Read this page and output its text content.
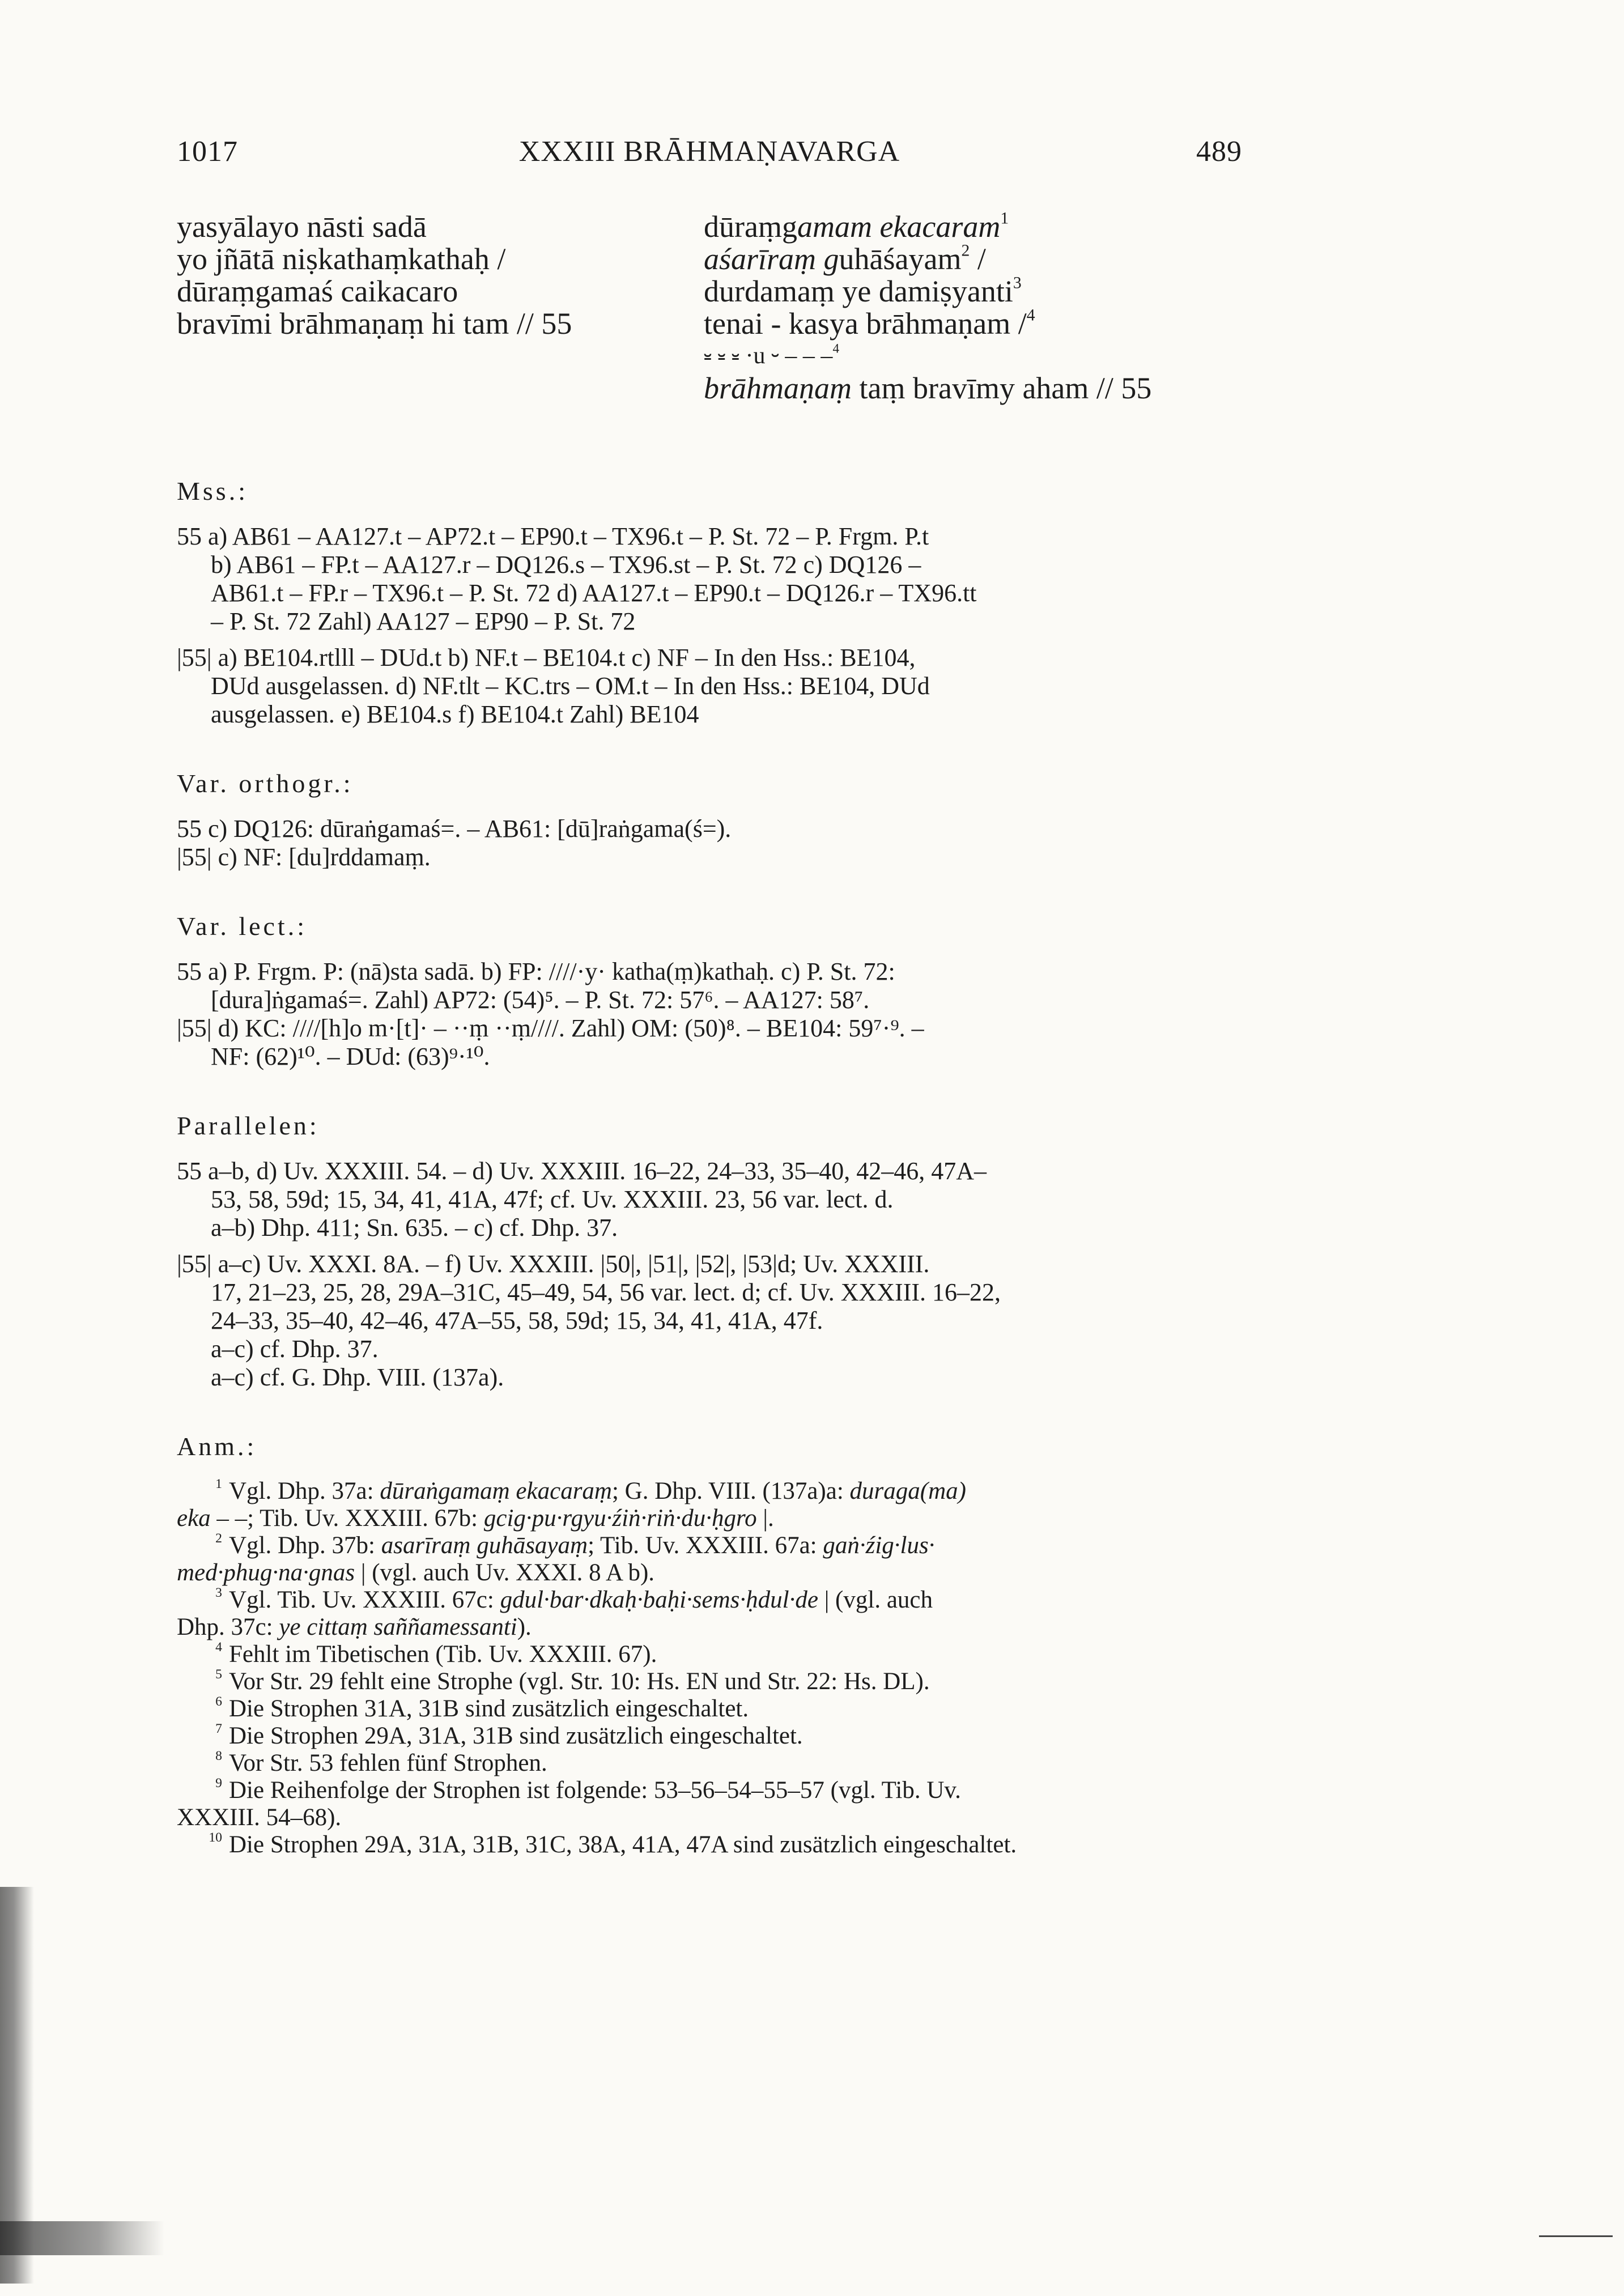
1017	XXXIII BRĀHMAṆAVARGA	489
yasyālayo nāsti sadā
yo jñātā niṣkathaṃkathaḥ /
dūraṃgamaś caikacaro
bravīmi brāhmaṇaṃ hi tam // 55
dūraṃgamam ekacaram$^1$
aśarīraṃ guhāśayam$^2$ /
durdamaṃ ye damiṣyanti$^3$
tenai - kasya brāhmaṇam /$^4$
⏓ ⏓ ⏓ ·u ⏑ – – –$^4$
brāhmaṇaṃ taṃ bravīmy aham // 55
Mss.:
55 a) AB61 – AA127.t – AP72.t – EP90.t – TX96.t – P. St. 72 – P. Frgm. P.t
b) AB61 – FP.t – AA127.r – DQ126.s – TX96.st – P. St. 72 c) DQ126 –
AB61.t – FP.r – TX96.t – P. St. 72 d) AA127.t – EP90.t – DQ126.r – TX96.tt
– P. St. 72 Zahl) AA127 – EP90 – P. St. 72
|55| a) BE104.rtlll – DUd.t b) NF.t – BE104.t c) NF – In den Hss.: BE104,
DUd ausgelassen. d) NF.tlt – KC.trs – OM.t – In den Hss.: BE104, DUd
ausgelassen. e) BE104.s f) BE104.t Zahl) BE104
Var. orthogr.:
55 c) DQ126: dūraṅgamaś=. – AB61: [dū]raṅgama(ś=).
|55| c) NF: [du]rddamaṃ.
Var. lect.:
55 a) P. Frgm. P: (nā)sta sadā. b) FP: ////·y· katha(ṃ)kathaḥ. c) P. St. 72:
[dura]ṅgamaś=. Zahl) AP72: (54)⁵. – P. St. 72: 57⁶. – AA127: 58⁷.
|55| d) KC: ////[h]o m·[t]· – ··ṃ ··ṃ////. Zahl) OM: (50)⁸. – BE104: 59⁷·⁹. –
NF: (62)¹⁰. – DUd: (63)⁹·¹⁰.
Parallelen:
55 a–b, d) Uv. XXXIII. 54. – d) Uv. XXXIII. 16–22, 24–33, 35–40, 42–46, 47A–
53, 58, 59d; 15, 34, 41, 41A, 47f; cf. Uv. XXXIII. 23, 56 var. lect. d.
a–b) Dhp. 411; Sn. 635. – c) cf. Dhp. 37.
|55| a–c) Uv. XXXI. 8A. – f) Uv. XXXIII. |50|, |51|, |52|, |53|d; Uv. XXXIII.
17, 21–23, 25, 28, 29A–31C, 45–49, 54, 56 var. lect. d; cf. Uv. XXXIII. 16–22,
24–33, 35–40, 42–46, 47A–55, 58, 59d; 15, 34, 41, 41A, 47f.
a–c) cf. Dhp. 37.
a–c) cf. G. Dhp. VIII. (137a).
Anm.:
$^1$ Vgl. Dhp. 37a: dūraṅgamaṃ ekacaraṃ; G. Dhp. VIII. (137a)a: duraga(ma)
eka – –; Tib. Uv. XXXIII. 67b: gcig·pu·rgyu·źiṅ·riṅ·du·ḥgro |.
$^2$ Vgl. Dhp. 37b: asarīraṃ guhāsayaṃ; Tib. Uv. XXXIII. 67a: gaṅ·źig·lus·
med·phug·na·gnas | (vgl. auch Uv. XXXI. 8 A b).
$^3$ Vgl. Tib. Uv. XXXIII. 67c: gdul·bar·dkaḥ·baḥi·sems·ḥdul·de | (vgl. auch
Dhp. 37c: ye cittaṃ saññamessanti).
$^4$ Fehlt im Tibetischen (Tib. Uv. XXXIII. 67).
$^5$ Vor Str. 29 fehlt eine Strophe (vgl. Str. 10: Hs. EN und Str. 22: Hs. DL).
$^6$ Die Strophen 31A, 31B sind zusätzlich eingeschaltet.
$^7$ Die Strophen 29A, 31A, 31B sind zusätzlich eingeschaltet.
$^8$ Vor Str. 53 fehlen fünf Strophen.
$^9$ Die Reihenfolge der Strophen ist folgende: 53–56–54–55–57 (vgl. Tib. Uv.
XXXIII. 54–68).
$^{10}$ Die Strophen 29A, 31A, 31B, 31C, 38A, 41A, 47A sind zusätzlich eingeschaltet.
